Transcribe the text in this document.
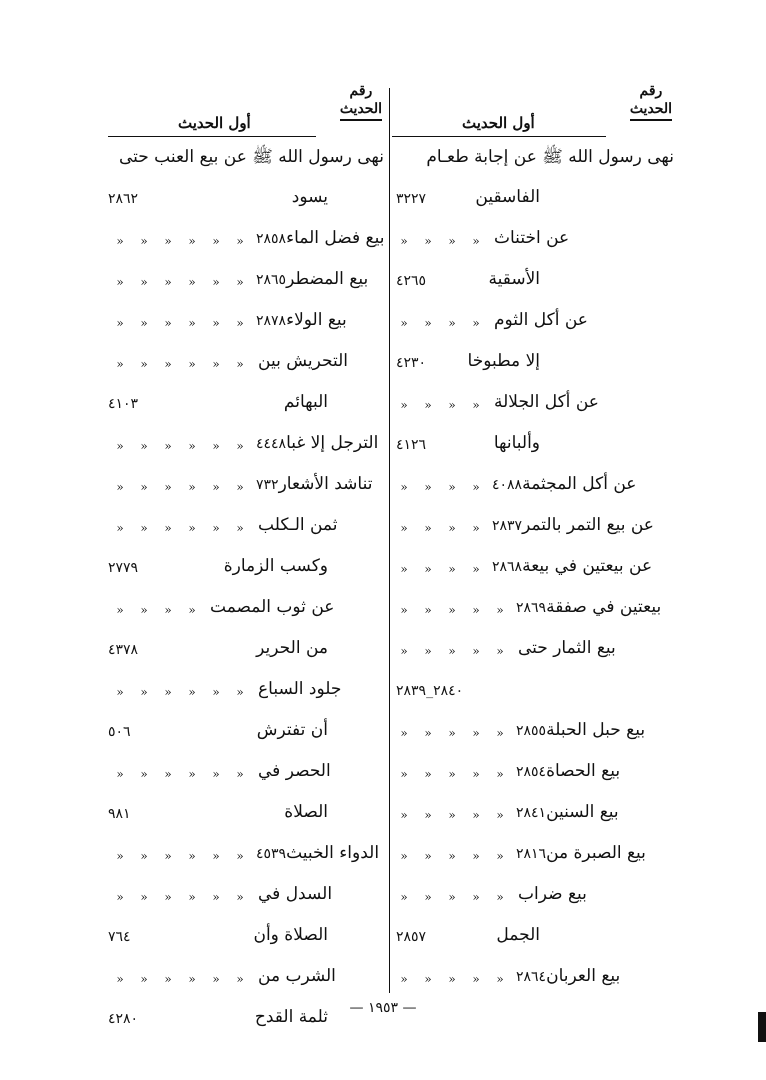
رقم
الحديث
أول الحديث
نهى رسول الله ﷺ عن إجابة طعـام
الفاسقين
٣٢٢٧
عن اختناث
» » » »
الأسقية
٤٢٦٥
عن أكل الثوم
» » » »
إلا مطبوخا
٤٢٣٠
عن أكل الجلالة
» » » »
وألبانها
٤١٢٦
٤٠٨٨عن أكل المجثمة
» » » »
٢٨٣٧عن بيع التمر بالتمر
» » » »
٢٨٦٨عن بيعتين في بيعة
» » » »
٢٨٦٩بيعتين في صفقة
» » » » »
بيع الثمار حتى
» » » » »
٢٨٤٠_٢٨٣٩
٢٨٥٥بيع حبل الحبلة
» » » » »
٢٨٥٤بيع الحصاة
» » » » »
٢٨٤١بيع السنين
» » » » »
٢٨١٦بيع الصبرة من
» » » » »
بيع ضراب
» » » » »
الجمل
٢٨٥٧
٢٨٦٤بيع العربان
» » » » »
رقم
الحديث
أول الحديث
نهى رسول الله ﷺ عن بيع العنب حتى
يسود
٢٨٦٢
٢٨٥٨بيع فضل الماء
» » » » » »
٢٨٦٥بيع المضطر
» » » » » »
٢٨٧٨بيع الولاء
» » » » » »
التحريش بين
» » » » » »
البهائم
٤١٠٣
٤٤٤٨الترجل إلا غبا
» » » » » »
٧٣٢تناشد الأشعار
» » » » » »
ثمن الـكلب
» » » » » »
وكسب الزمارة
٢٧٧٩
عن ثوب المصمت
» » » »
من الحرير
٤٣٧٨
جلود السباع
» » » » » »
أن تفترش
٥٠٦
الحصر في
» » » » » »
الصلاة
٩٨١
٤٥٣٩الدواء الخبيث
» » » » » »
السدل في
» » » » » »
الصلاة وأن
٧٦٤
الشرب من
» » » » » »
ثلمة القدح
٤٢٨٠
— ١٩٥٣ —
